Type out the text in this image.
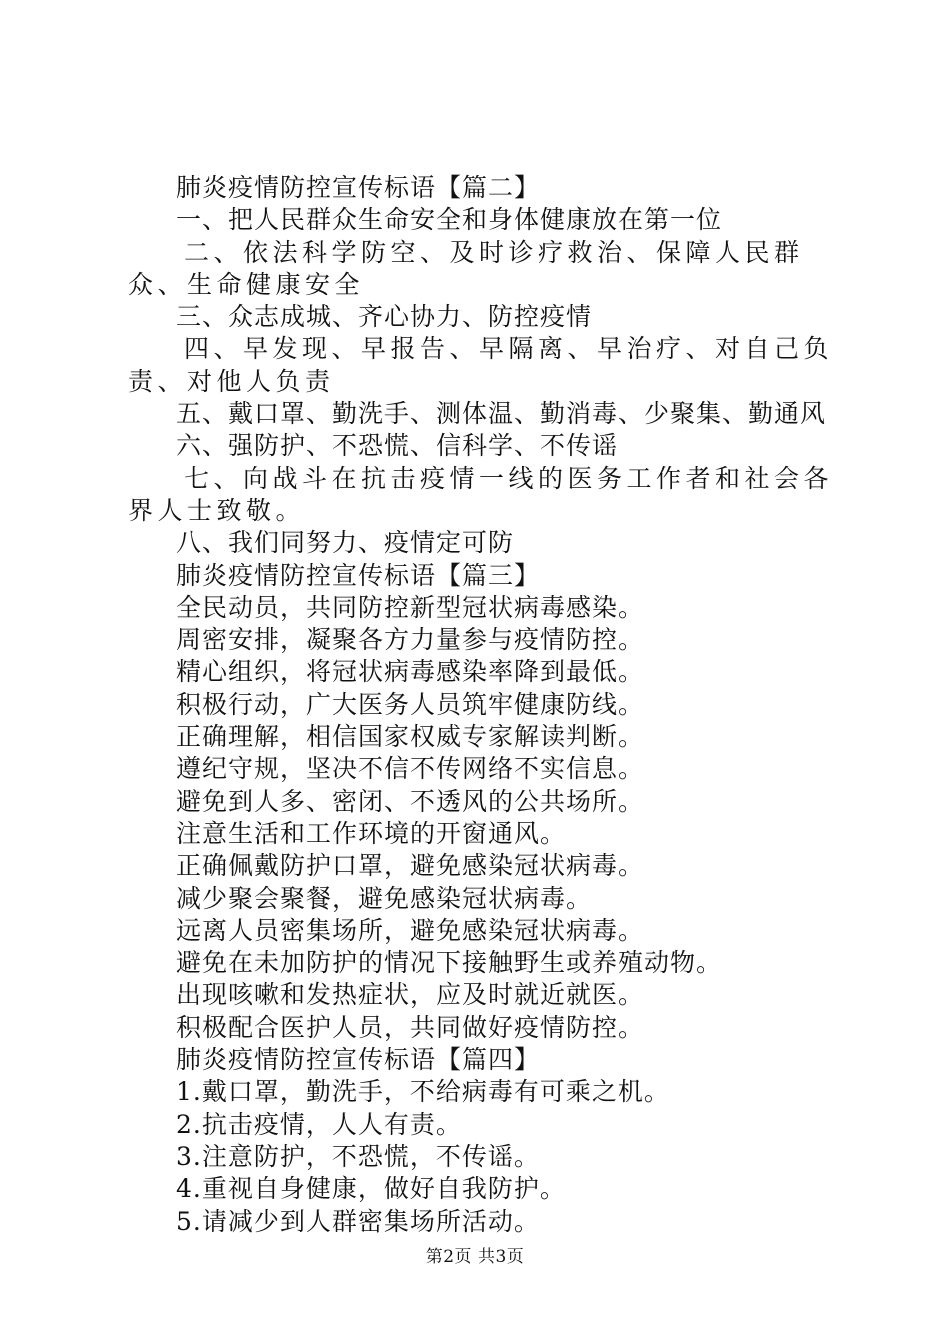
肺炎疫情防控宣传标语【篇二】

一、把人民群众生命安全和身体健康放在第一位

二、依法科学防空、及时诊疗救治、保障人民群众、生命健康安全

三、众志成城、齐心协力、防控疫情

四、早发现、早报告、早隔离、早治疗、对自己负责、对他人负责

五、戴口罩、勤洗手、测体温、勤消毒、少聚集、勤通风

六、强防护、不恐慌、信科学、不传谣

七、向战斗在抗击疫情一线的医务工作者和社会各界人士致敬。

八、我们同努力、疫情定可防

肺炎疫情防控宣传标语【篇三】

全民动员，共同防控新型冠状病毒感染。

周密安排，凝聚各方力量参与疫情防控。

精心组织，将冠状病毒感染率降到最低。

积极行动，广大医务人员筑牢健康防线。

正确理解，相信国家权威专家解读判断。

遵纪守规，坚决不信不传网络不实信息。

避免到人多、密闭、不透风的公共场所。

注意生活和工作环境的开窗通风。

正确佩戴防护口罩，避免感染冠状病毒。

减少聚会聚餐，避免感染冠状病毒。

远离人员密集场所，避免感染冠状病毒。

避免在未加防护的情况下接触野生或养殖动物。

出现咳嗽和发热症状，应及时就近就医。

积极配合医护人员，共同做好疫情防控。

肺炎疫情防控宣传标语【篇四】

1.戴口罩，勤洗手，不给病毒有可乘之机。

2.抗击疫情，人人有责。

3.注意防护，不恐慌，不传谣。

4.重视自身健康，做好自我防护。

5.请减少到人群密集场所活动。

第2页 共3页
